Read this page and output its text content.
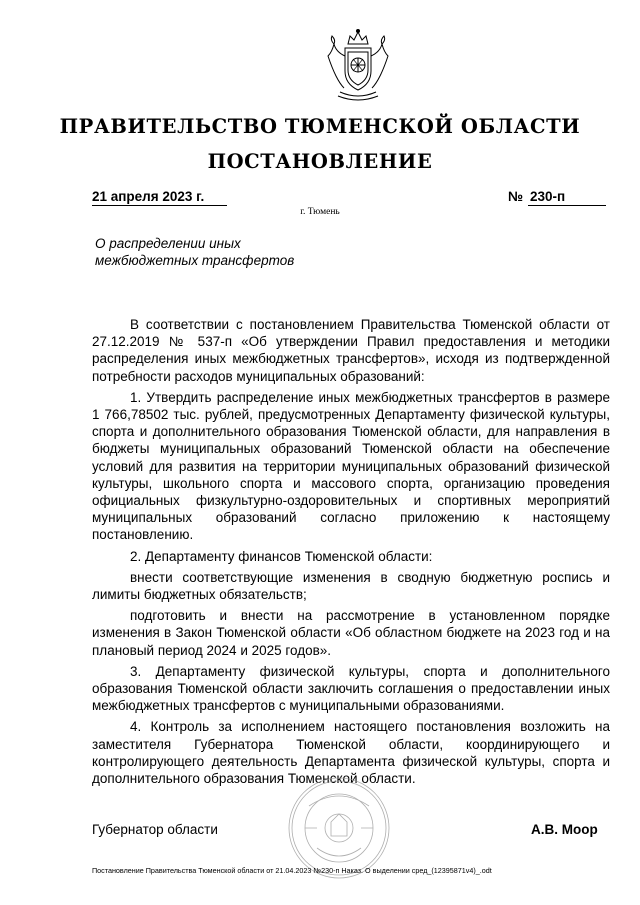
ПРАВИТЕЛЬСТВО ТЮМЕНСКОЙ ОБЛАСТИ
ПОСТАНОВЛЕНИЕ
21 апреля 2023 г.	№ 230-п
г. Тюмень
О распределении иных
межбюджетных трансфертов

В соответствии с постановлением Правительства Тюменской области от 27.12.2019 № 537-п «Об утверждении Правил предоставления и методики распределения иных межбюджетных трансфертов», исходя из подтвержденной потребности расходов муниципальных образований:

1. Утвердить распределение иных межбюджетных трансфертов в размере 1 766,78502 тыс. рублей, предусмотренных Департаменту физической культуры, спорта и дополнительного образования Тюменской области, для направления в бюджеты муниципальных образований Тюменской области на обеспечение условий для развития на территории муниципальных образований физической культуры, школьного спорта и массового спорта, организацию проведения официальных физкультурно-оздоровительных и спортивных мероприятий муниципальных образований согласно приложению к настоящему постановлению.

2. Департаменту финансов Тюменской области:

внести соответствующие изменения в сводную бюджетную роспись и лимиты бюджетных обязательств;

подготовить и внести на рассмотрение в установленном порядке изменения в Закон Тюменской области «Об областном бюджете на 2023 год и на плановый период 2024 и 2025 годов».

3. Департаменту физической культуры, спорта и дополнительного образования Тюменской области заключить соглашения о предоставлении иных межбюджетных трансфертов с муниципальными образованиями.

4. Контроль за исполнением настоящего постановления возложить на заместителя Губернатора Тюменской области, координирующего и контролирующего деятельность Департамента физической культуры, спорта и дополнительного образования Тюменской области.

Губернатор области	А.В. Моор
Постановление Правительства Тюменской области от 21.04.2023 №230-п Наказ. О выделении сред_(12395871v4)_.odt
